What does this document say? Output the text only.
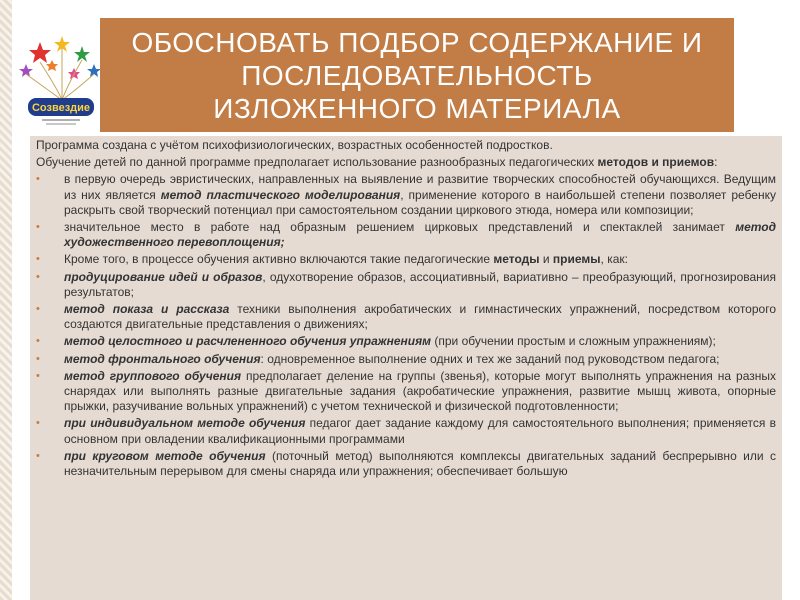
Созвездие
ОБОСНОВАТЬ ПОДБОР СОДЕРЖАНИЕ И
ПОСЛЕДОВАТЕЛЬНОСТЬ
ИЗЛОЖЕННОГО МАТЕРИАЛА

Программа создана с учётом психофизиологических, возрастных особенностей подростков.

Обучение детей по данной программе предполагает использование разнообразных педагогических методов и приемов:

• в первую очередь эвристических, направленных на выявление и развитие творческих способностей обучающихся. Ведущим из них является метод пластического моделирования, применение которого в наибольшей степени позволяет ребенку раскрыть свой творческий потенциал при самостоятельном создании циркового этюда, номера или композиции;
• значительное место в работе над образным решением цирковых представлений и спектаклей занимает метод художественного перевоплощения;
• Кроме того, в процессе обучения активно включаются такие педагогические методы и приемы, как:
• продуцирование идей и образов, одухотворение образов, ассоциативный, вариативно – преобразующий, прогнозирования результатов;
• метод показа и рассказа техники выполнения акробатических и гимнастических упражнений, посредством которого создаются двигательные представления о движениях;
• метод целостного и расчлененного обучения упражнениям (при обучении простым и сложным упражнениям);
• метод фронтального обучения: одновременное выполнение одних и тех же заданий под руководством педагога;
• метод группового обучения предполагает деление на группы (звенья), которые могут выполнять упражнения на разных снарядах или выполнять разные двигательные задания (акробатические упражнения, развитие мышц живота, опорные прыжки, разучивание вольных упражнений) с учетом технической и физической подготовленности;
• при индивидуальном методе обучения педагог дает задание каждому для самостоятельного выполнения; применяется в основном при овладении квалификационными программами
• при круговом методе обучения (поточный метод) выполняются комплексы двигательных заданий беспрерывно или с незначительным перерывом для смены снаряда или упражнения; обеспечивает большую
